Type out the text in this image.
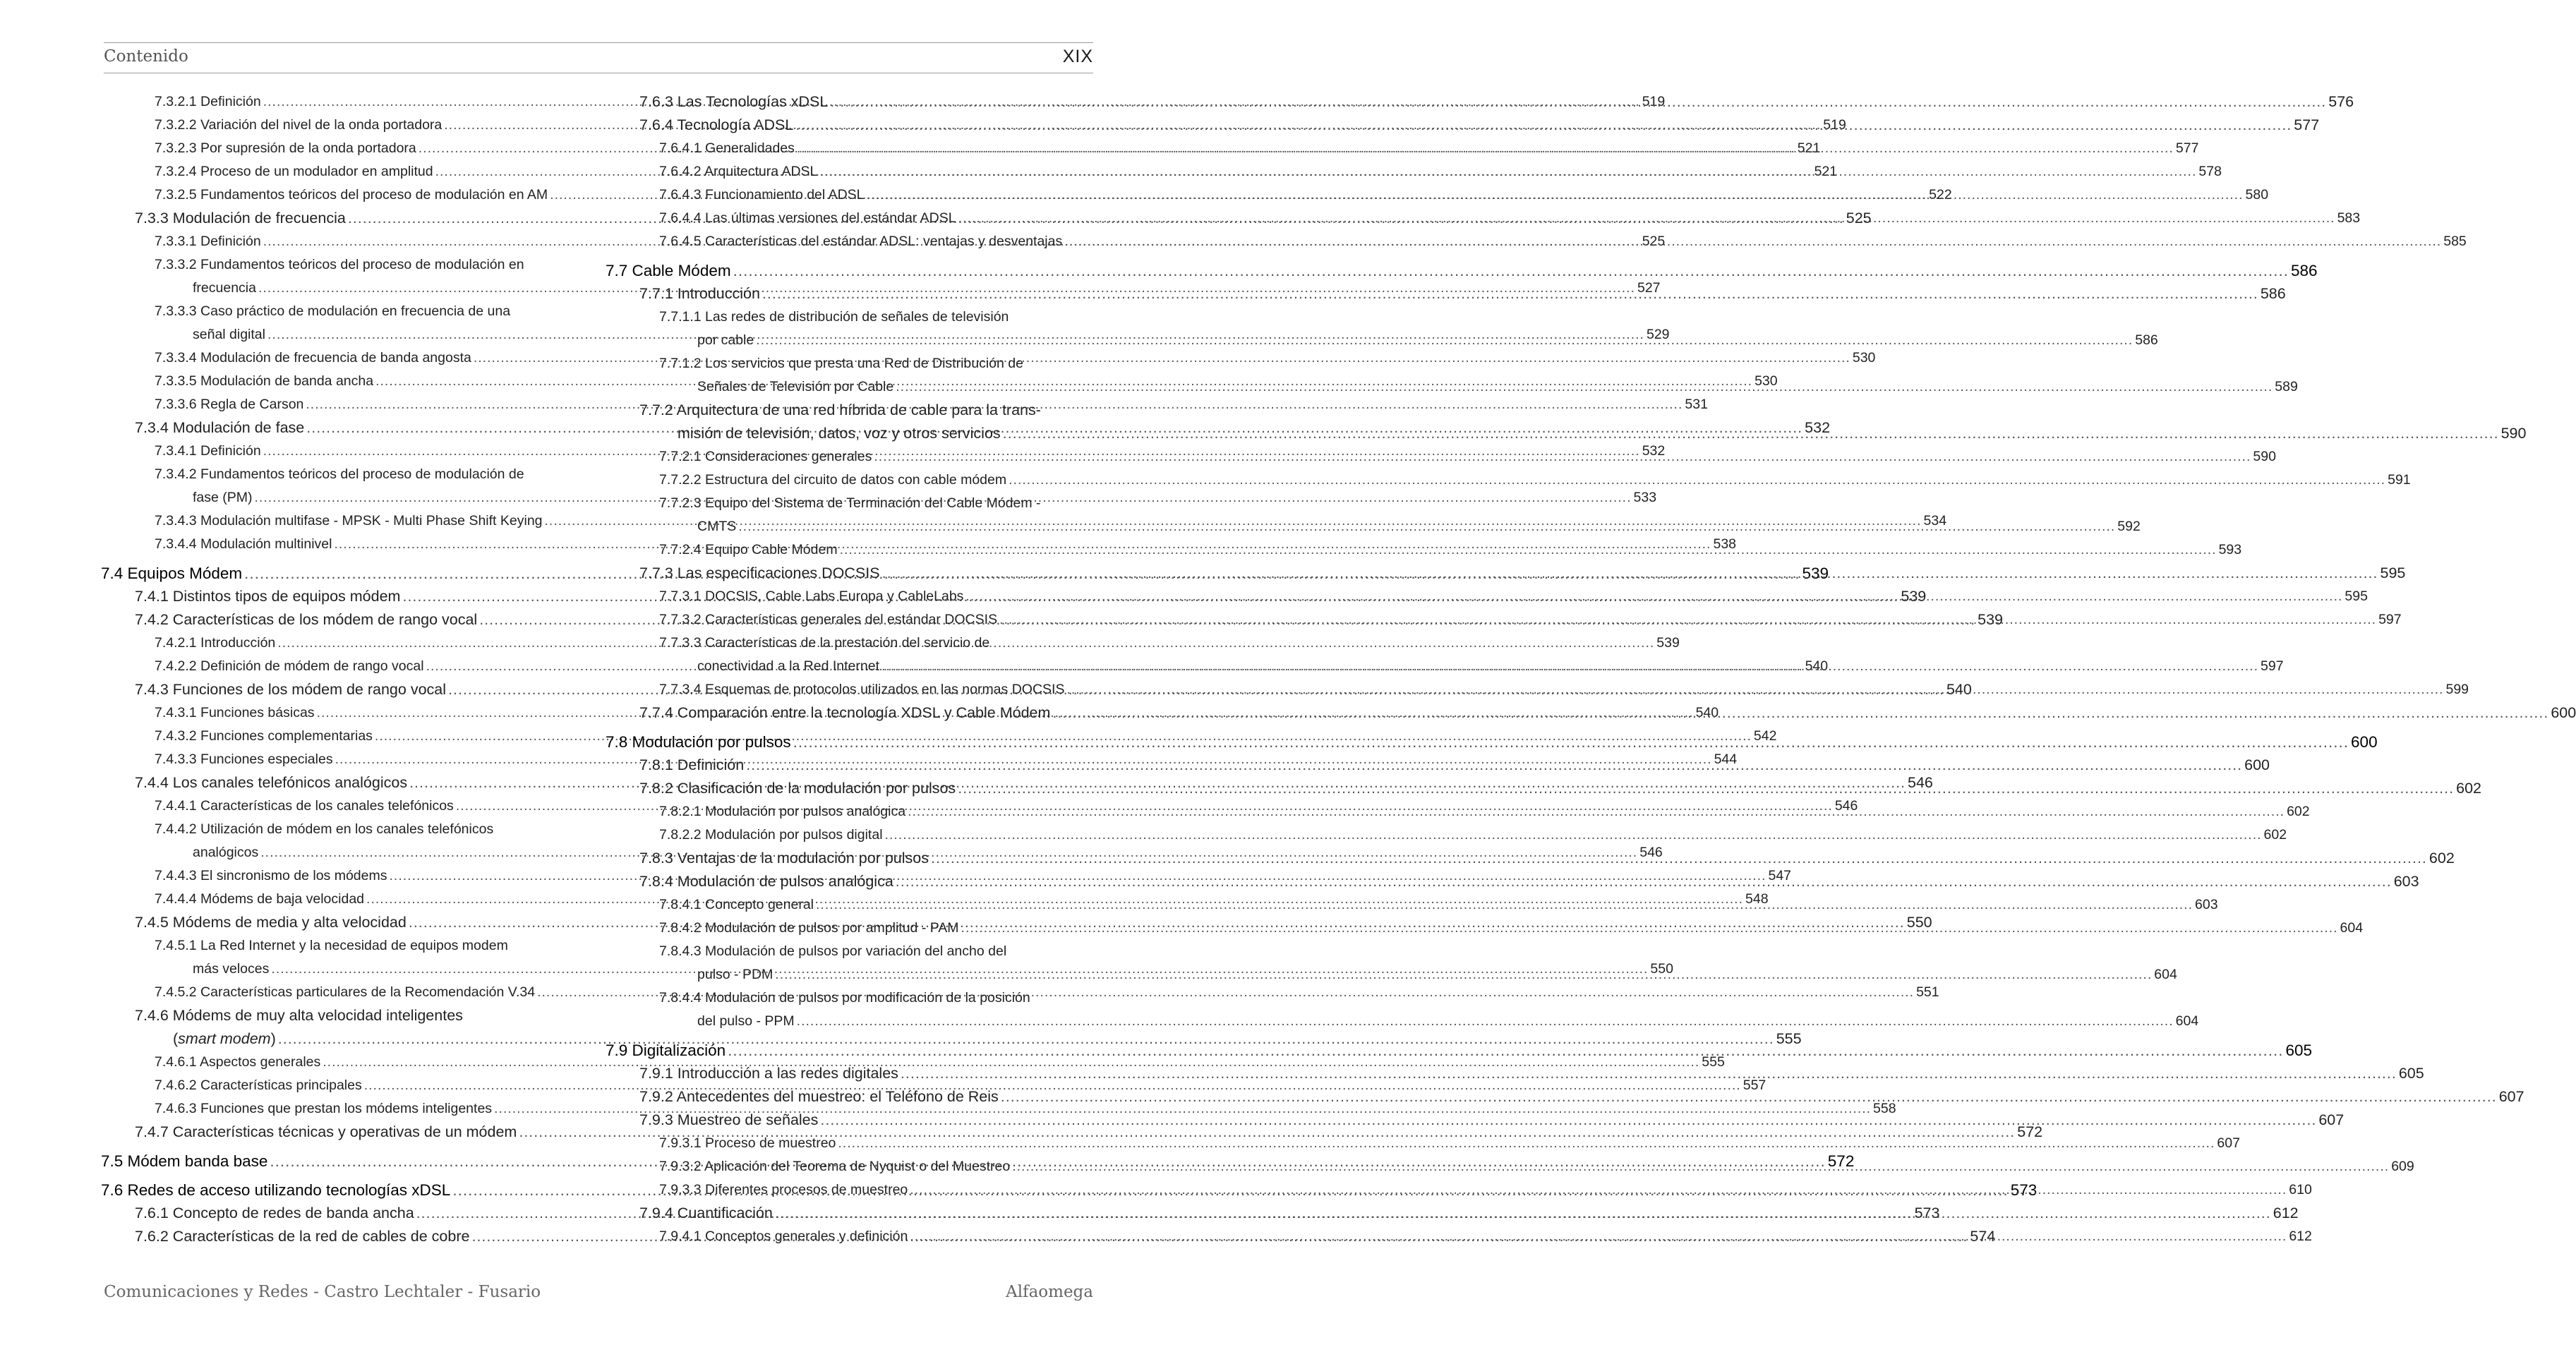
Contenido	XIX
7.3.2.1 Definición .....	519
7.3.2.2 Variación del nivel de la onda portadora .....	519
7.3.2.3 Por supresión de la onda portadora .....	521
7.3.2.4 Proceso de un modulador en amplitud .....	521
7.3.2.5 Fundamentos teóricos del proceso de modulación en AM .....	522
7.3.3 Modulación de frecuencia .....	525
7.3.3.1 Definición .....	525
7.3.3.2 Fundamentos teóricos del proceso de modulación en
frecuencia .....	527
7.3.3.3 Caso práctico de modulación en frecuencia de una
señal digital .....	529
7.3.3.4 Modulación de frecuencia de banda angosta .....	530
7.3.3.5 Modulación de banda ancha .....	530
7.3.3.6 Regla de Carson .....	531
7.3.4 Modulación de fase .....	532
7.3.4.1 Definición .....	532
7.3.4.2 Fundamentos teóricos del proceso de modulación de
fase (PM) .....	533
7.3.4.3 Modulación multifase - MPSK - Multi Phase Shift Keying .....	534
7.3.4.4 Modulación multinivel .....	538
7.4 Equipos Módem .....	539
7.4.1 Distintos tipos de equipos módem .....	539
7.4.2 Características de los módem de rango vocal .....	539
7.4.2.1 Introducción .....	539
7.4.2.2 Definición de módem de rango vocal .....	540
7.4.3 Funciones de los módem de rango vocal .....	540
7.4.3.1 Funciones básicas .....	540
7.4.3.2 Funciones complementarias .....	542
7.4.3.3 Funciones especiales .....	544
7.4.4 Los canales telefónicos analógicos .....	546
7.4.4.1 Características de los canales telefónicos .....	546
7.4.4.2 Utilización de módem en los canales telefónicos
analógicos .....	546
7.4.4.3 El sincronismo de los módems .....	547
7.4.4.4 Módems de baja velocidad .....	548
7.4.5 Módems de media y alta velocidad .....	550
7.4.5.1 La Red Internet y la necesidad de equipos modem
más veloces .....	550
7.4.5.2 Características particulares de la Recomendación V.34 .....	551
7.4.6 Módems de muy alta velocidad inteligentes
(smart modem) .....	555
7.4.6.1 Aspectos generales .....	555
7.4.6.2 Características principales .....	557
7.4.6.3 Funciones que prestan los módems inteligentes .....	558
7.4.7 Características técnicas y operativas de un módem .....	572
7.5 Módem banda base .....	572
7.6 Redes de acceso utilizando tecnologías xDSL .....	573
7.6.1 Concepto de redes de banda ancha .....	573
7.6.2 Características de la red de cables de cobre .....	574
7.6.3 Las Tecnologías xDSL .....	576
7.6.4 Tecnología ADSL .....	577
7.6.4.1 Generalidades .....	577
7.6.4.2 Arquitectura ADSL .....	578
7.6.4.3 Funcionamiento del ADSL .....	580
7.6.4.4 Las últimas versiones del estándar ADSL .....	583
7.6.4.5 Características del estándar ADSL: ventajas y desventajas .....	585
7.7 Cable Módem .....	586
7.7.1 Introducción .....	586
7.7.1.1 Las redes de distribución de señales de televisión
por cable .....	586
7.7.1.2 Los servicios que presta una Red de Distribución de
Señales de Televisión por Cable .....	589
7.7.2 Arquitectura de una red híbrida de cable para la trans-
misión de televisión, datos, voz y otros servicios .....	590
7.7.2.1 Consideraciones generales .....	590
7.7.2.2 Estructura del circuito de datos con cable módem .....	591
7.7.2.3 Equipo del Sistema de Terminación del Cable Módem -
CMTS .....	592
7.7.2.4 Equipo Cable Módem .....	593
7.7.3 Las especificaciones DOCSIS .....	595
7.7.3.1 DOCSIS, Cable Labs Europa y CableLabs .....	595
7.7.3.2 Características generales del estándar DOCSIS .....	597
7.7.3.3 Características de la prestación del servicio de
conectividad a la Red Internet .....	597
7.7.3.4 Esquemas de protocolos utilizados en las normas DOCSIS .....	599
7.7.4 Comparación entre la tecnología XDSL y Cable Módem .....	600
7.8 Modulación por pulsos .....	600
7.8.1 Definición .....	600
7.8.2 Clasificación de la modulación por pulsos .....	602
7.8.2.1 Modulación por pulsos analógica .....	602
7.8.2.2 Modulación por pulsos digital .....	602
7.8.3 Ventajas de la modulación por pulsos .....	602
7.8.4 Modulación de pulsos analógica .....	603
7.8.4.1 Concepto general .....	603
7.8.4.2 Modulación de pulsos por amplitud - PAM .....	604
7.8.4.3 Modulación de pulsos por variación del ancho del
pulso - PDM .....	604
7.8.4.4 Modulación de pulsos por modificación de la posición
del pulso - PPM .....	604
7.9 Digitalización .....	605
7.9.1 Introducción a las redes digitales .....	605
7.9.2 Antecedentes del muestreo: el Teléfono de Reis .....	607
7.9.3 Muestreo de señales .....	607
7.9.3.1 Proceso de muestreo .....	607
7.9.3.2 Aplicación del Teorema de Nyquist o del Muestreo .....	609
7.9.3.3 Diferentes procesos de muestreo .....	610
7.9.4 Cuantificación .....	612
7.9.4.1 Conceptos generales y definición .....	612
Comunicaciones y Redes - Castro Lechtaler - Fusario	Alfaomega
